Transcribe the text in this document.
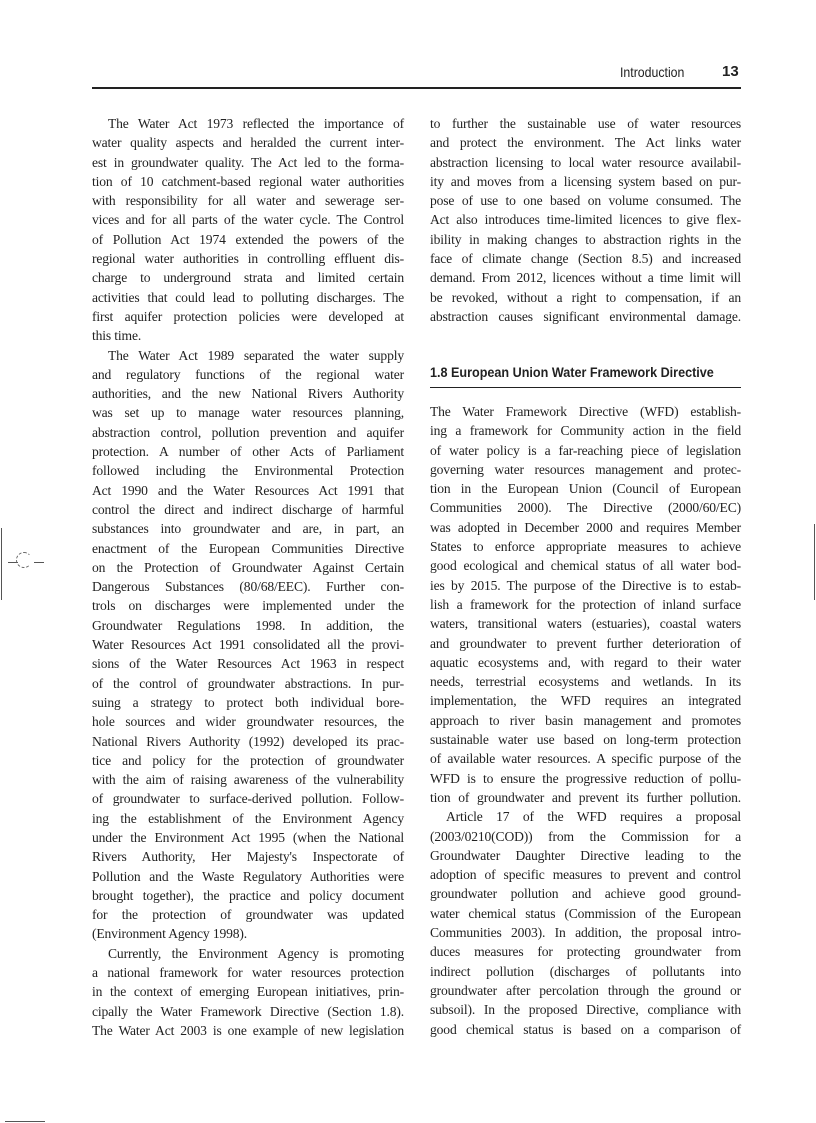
Introduction	13
The Water Act 1973 reflected the importance of
water quality aspects and heralded the current inter-
est in groundwater quality. The Act led to the forma-
tion of 10 catchment-based regional water authorities
with responsibility for all water and sewerage ser-
vices and for all parts of the water cycle. The Control
of Pollution Act 1974 extended the powers of the
regional water authorities in controlling effluent dis-
charge to underground strata and limited certain
activities that could lead to polluting discharges. The
first aquifer protection policies were developed at
this time.
The Water Act 1989 separated the water supply
and regulatory functions of the regional water
authorities, and the new National Rivers Authority
was set up to manage water resources planning,
abstraction control, pollution prevention and aquifer
protection. A number of other Acts of Parliament
followed including the Environmental Protection
Act 1990 and the Water Resources Act 1991 that
control the direct and indirect discharge of harmful
substances into groundwater and are, in part, an
enactment of the European Communities Directive
on the Protection of Groundwater Against Certain
Dangerous Substances (80/68/EEC). Further con-
trols on discharges were implemented under the
Groundwater Regulations 1998. In addition, the
Water Resources Act 1991 consolidated all the provi-
sions of the Water Resources Act 1963 in respect
of the control of groundwater abstractions. In pur-
suing a strategy to protect both individual bore-
hole sources and wider groundwater resources, the
National Rivers Authority (1992) developed its prac-
tice and policy for the protection of groundwater
with the aim of raising awareness of the vulnerability
of groundwater to surface-derived pollution. Follow-
ing the establishment of the Environment Agency
under the Environment Act 1995 (when the National
Rivers Authority, Her Majesty's Inspectorate of
Pollution and the Waste Regulatory Authorities were
brought together), the practice and policy document
for the protection of groundwater was updated
(Environment Agency 1998).
Currently, the Environment Agency is promoting
a national framework for water resources protection
in the context of emerging European initiatives, prin-
cipally the Water Framework Directive (Section 1.8).
The Water Act 2003 is one example of new legislation
to further the sustainable use of water resources
and protect the environment. The Act links water
abstraction licensing to local water resource availabil-
ity and moves from a licensing system based on pur-
pose of use to one based on volume consumed. The
Act also introduces time-limited licences to give flex-
ibility in making changes to abstraction rights in the
face of climate change (Section 8.5) and increased
demand. From 2012, licences without a time limit will
be revoked, without a right to compensation, if an
abstraction causes significant environmental damage.
1.8 European Union Water Framework Directive
The Water Framework Directive (WFD) establish-
ing a framework for Community action in the field
of water policy is a far-reaching piece of legislation
governing water resources management and protec-
tion in the European Union (Council of European
Communities 2000). The Directive (2000/60/EC)
was adopted in December 2000 and requires Member
States to enforce appropriate measures to achieve
good ecological and chemical status of all water bod-
ies by 2015. The purpose of the Directive is to estab-
lish a framework for the protection of inland surface
waters, transitional waters (estuaries), coastal waters
and groundwater to prevent further deterioration of
aquatic ecosystems and, with regard to their water
needs, terrestrial ecosystems and wetlands. In its
implementation, the WFD requires an integrated
approach to river basin management and promotes
sustainable water use based on long-term protection
of available water resources. A specific purpose of the
WFD is to ensure the progressive reduction of pollu-
tion of groundwater and prevent its further pollution.
Article 17 of the WFD requires a proposal
(2003/0210(COD)) from the Commission for a
Groundwater Daughter Directive leading to the
adoption of specific measures to prevent and control
groundwater pollution and achieve good ground-
water chemical status (Commission of the European
Communities 2003). In addition, the proposal intro-
duces measures for protecting groundwater from
indirect pollution (discharges of pollutants into
groundwater after percolation through the ground or
subsoil). In the proposed Directive, compliance with
good chemical status is based on a comparison of
